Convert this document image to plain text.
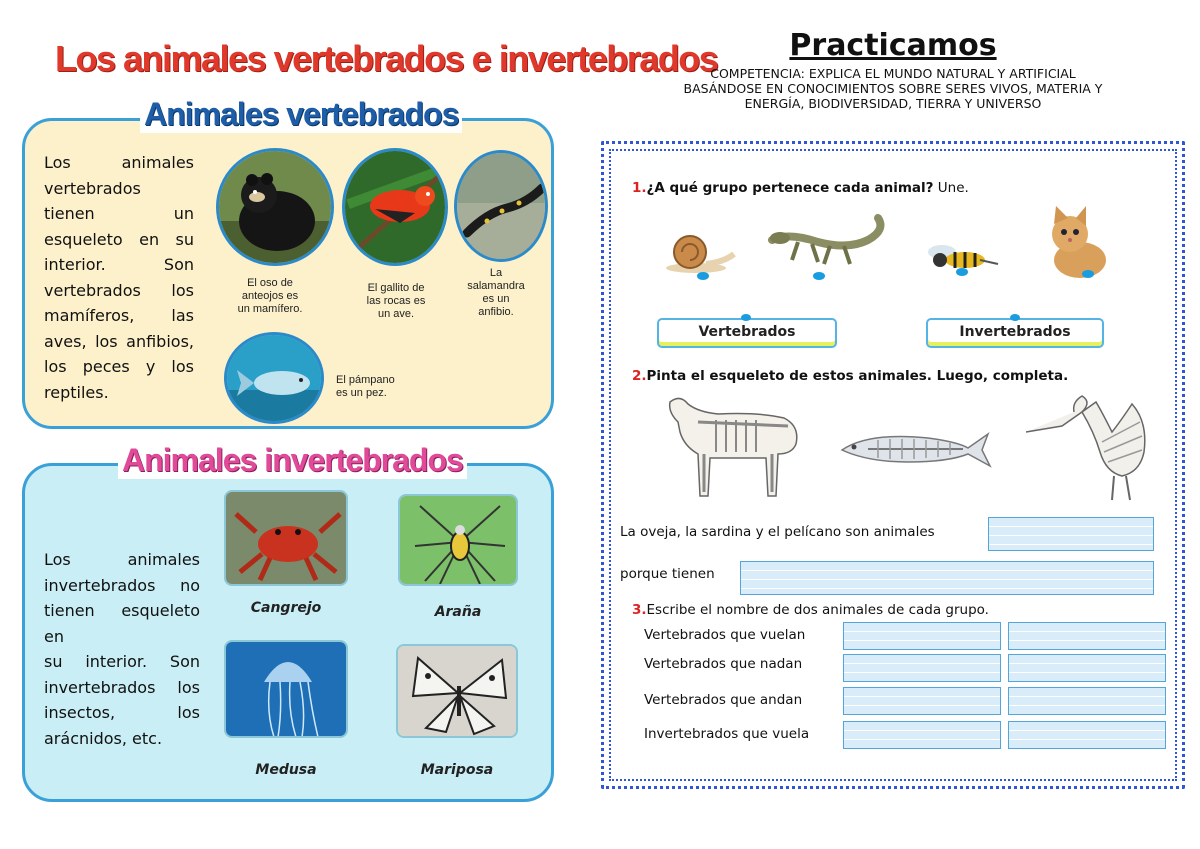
Los animales vertebrados e invertebrados
Animales vertebrados
Los animales
vertebrados
tienen un
esqueleto en su
interior. Son
vertebrados los
mamíferos, las
aves, los anfibios,
los peces y los
reptiles.
El oso de
anteojos es
un mamífero.
El gallito de
las rocas es
un ave.
La
salamandra
es un
anfibio.
El pámpano
es un pez.
Animales invertebrados
Los animales
invertebrados no
tienen esqueleto en
su interior. Son
invertebrados los
insectos, los
arácnidos, etc.
Cangrejo	Araña
Medusa	Mariposa
Practicamos
COMPETENCIA: EXPLICA EL MUNDO NATURAL Y ARTIFICIAL
BASÁNDOSE EN CONOCIMIENTOS SOBRE SERES VIVOS, MATERIA Y
ENERGÍA, BIODIVERSIDAD, TIERRA Y UNIVERSO
1.¿A qué grupo pertenece cada animal? Une.
Vertebrados	Invertebrados
2.Pinta el esqueleto de estos animales. Luego, completa.
La oveja, la sardina y el pelícano son animales
porque tienen
3.Escribe el nombre de dos animales de cada grupo.
Vertebrados que vuelan
Vertebrados que nadan
Vertebrados que andan
Invertebrados que vuela
